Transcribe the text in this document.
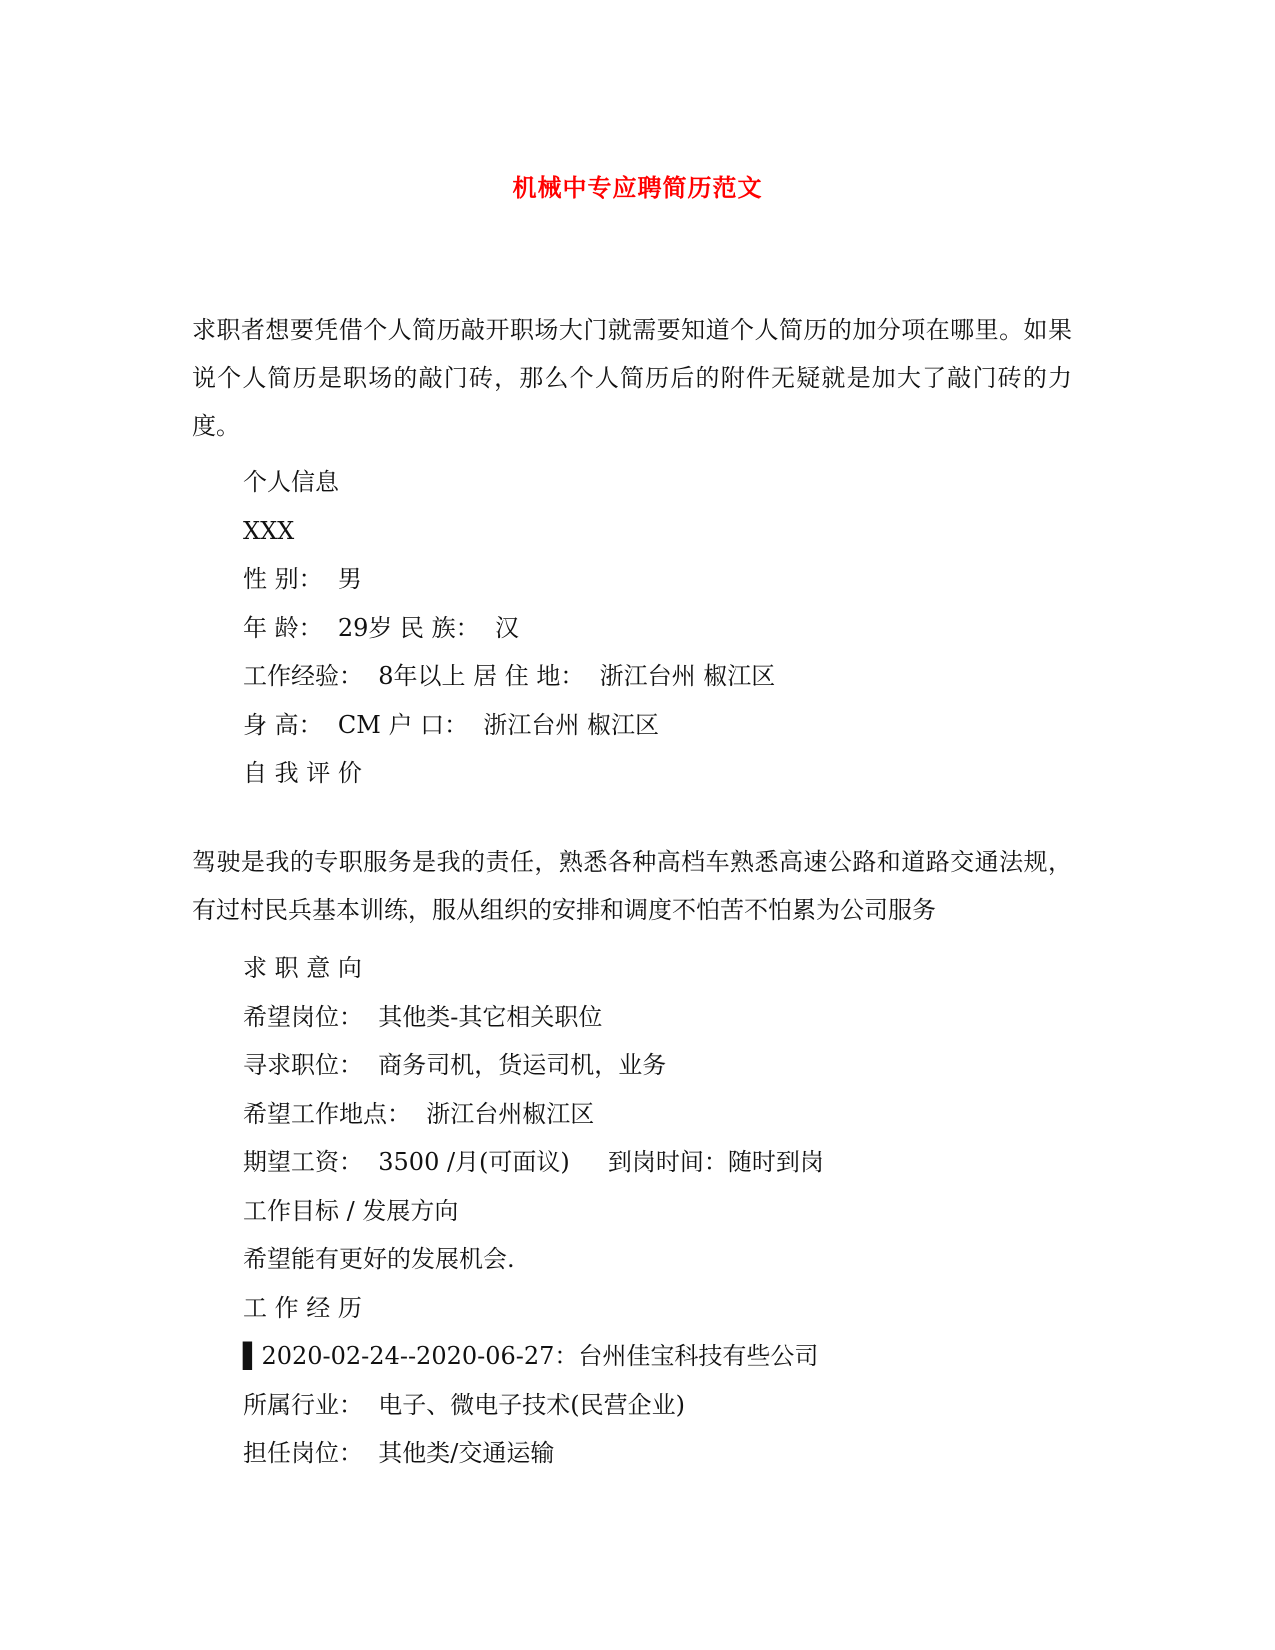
机械中专应聘简历范文
求职者想要凭借个人简历敲开职场大门就需要知道个人简历的加分项在哪里。如果说个人简历是职场的敲门砖，那么个人简历后的附件无疑就是加大了敲门砖的力度。
个人信息
XXX
性 别：  男
年 龄：  29岁 民 族：  汉
工作经验：  8年以上 居 住 地：  浙江台州 椒江区
身 高：  CM 户 口：  浙江台州 椒江区
自 我 评 价
驾驶是我的专职服务是我的责任，熟悉各种高档车熟悉高速公路和道路交通法规，有过村民兵基本训练，服从组织的安排和调度不怕苦不怕累为公司服务
求 职 意 向
希望岗位：  其他类-其它相关职位
寻求职位：  商务司机，货运司机，业务
希望工作地点：  浙江台州椒江区
期望工资：  3500 /月(可面议)     到岗时间：随时到岗
工作目标 / 发展方向
希望能有更好的发展机会.
工 作 经 历
▌2020-02-24--2020-06-27：台州佳宝科技有些公司
所属行业：  电子、微电子技术(民营企业)
担任岗位：  其他类/交通运输
